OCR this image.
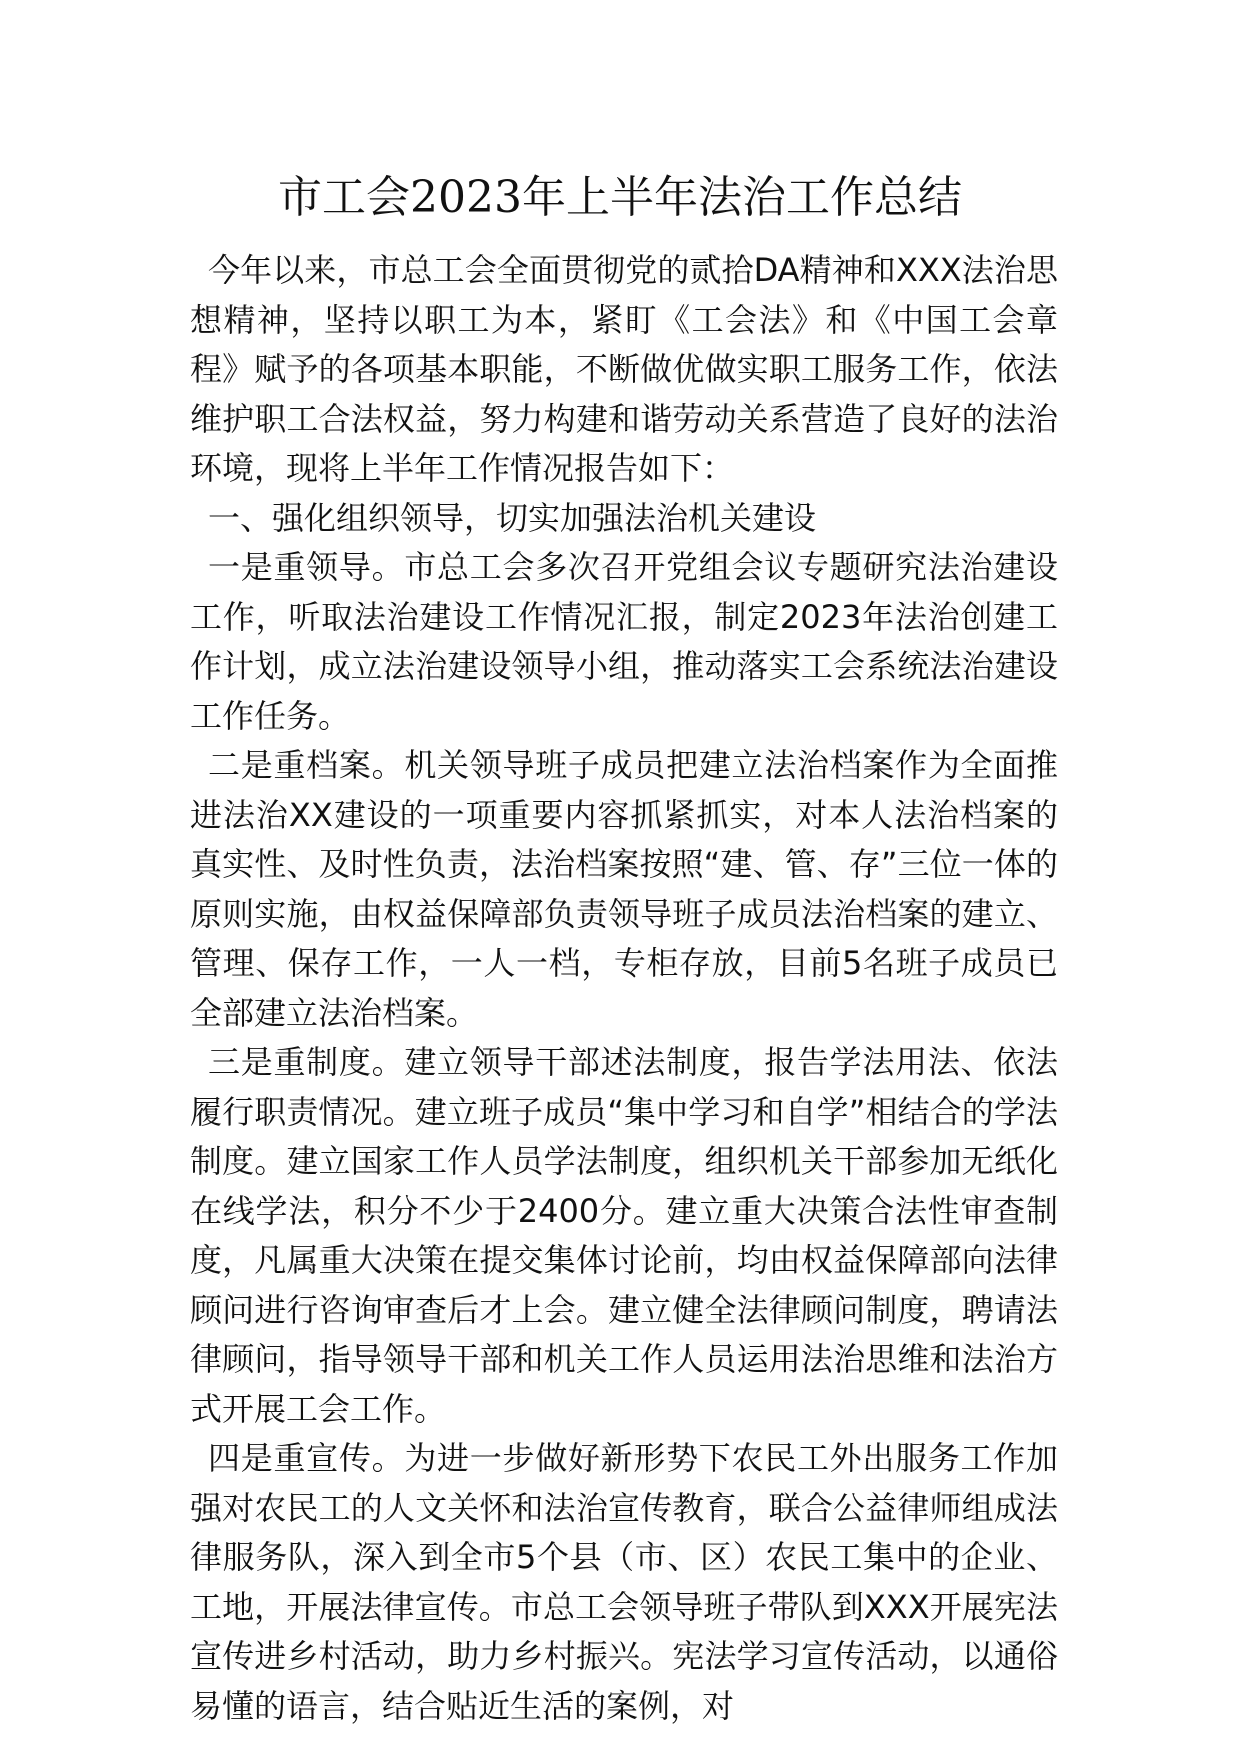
市工会2023年上半年法治工作总结

今年以来，市总工会全面贯彻党的贰拾DA精神和XXX法治思想精神，坚持以职工为本，紧盯《工会法》和《中国工会章程》赋予的各项基本职能，不断做优做实职工服务工作，依法维护职工合法权益，努力构建和谐劳动关系营造了良好的法治环境，现将上半年工作情况报告如下：

一、强化组织领导，切实加强法治机关建设

一是重领导。市总工会多次召开党组会议专题研究法治建设工作，听取法治建设工作情况汇报，制定2023年法治创建工作计划，成立法治建设领导小组，推动落实工会系统法治建设工作任务。

二是重档案。机关领导班子成员把建立法治档案作为全面推进法治XX建设的一项重要内容抓紧抓实，对本人法治档案的真实性、及时性负责，法治档案按照“建、管、存”三位一体的原则实施，由权益保障部负责领导班子成员法治档案的建立、管理、保存工作，一人一档，专柜存放，目前5名班子成员已全部建立法治档案。

三是重制度。建立领导干部述法制度，报告学法用法、依法履行职责情况。建立班子成员“集中学习和自学”相结合的学法制度。建立国家工作人员学法制度，组织机关干部参加无纸化在线学法，积分不少于2400分。建立重大决策合法性审查制度，凡属重大决策在提交集体讨论前，均由权益保障部向法律顾问进行咨询审查后才上会。建立健全法律顾问制度，聘请法律顾问，指导领导干部和机关工作人员运用法治思维和法治方式开展工会工作。

四是重宣传。为进一步做好新形势下农民工外出服务工作加强对农民工的人文关怀和法治宣传教育，联合公益律师组成法律服务队，深入到全市5个县（市、区）农民工集中的企业、工地，开展法律宣传。市总工会领导班子带队到XXX开展宪法宣传进乡村活动，助力乡村振兴。宪法学习宣传活动，以通俗易懂的语言，结合贴近生活的案例，对
